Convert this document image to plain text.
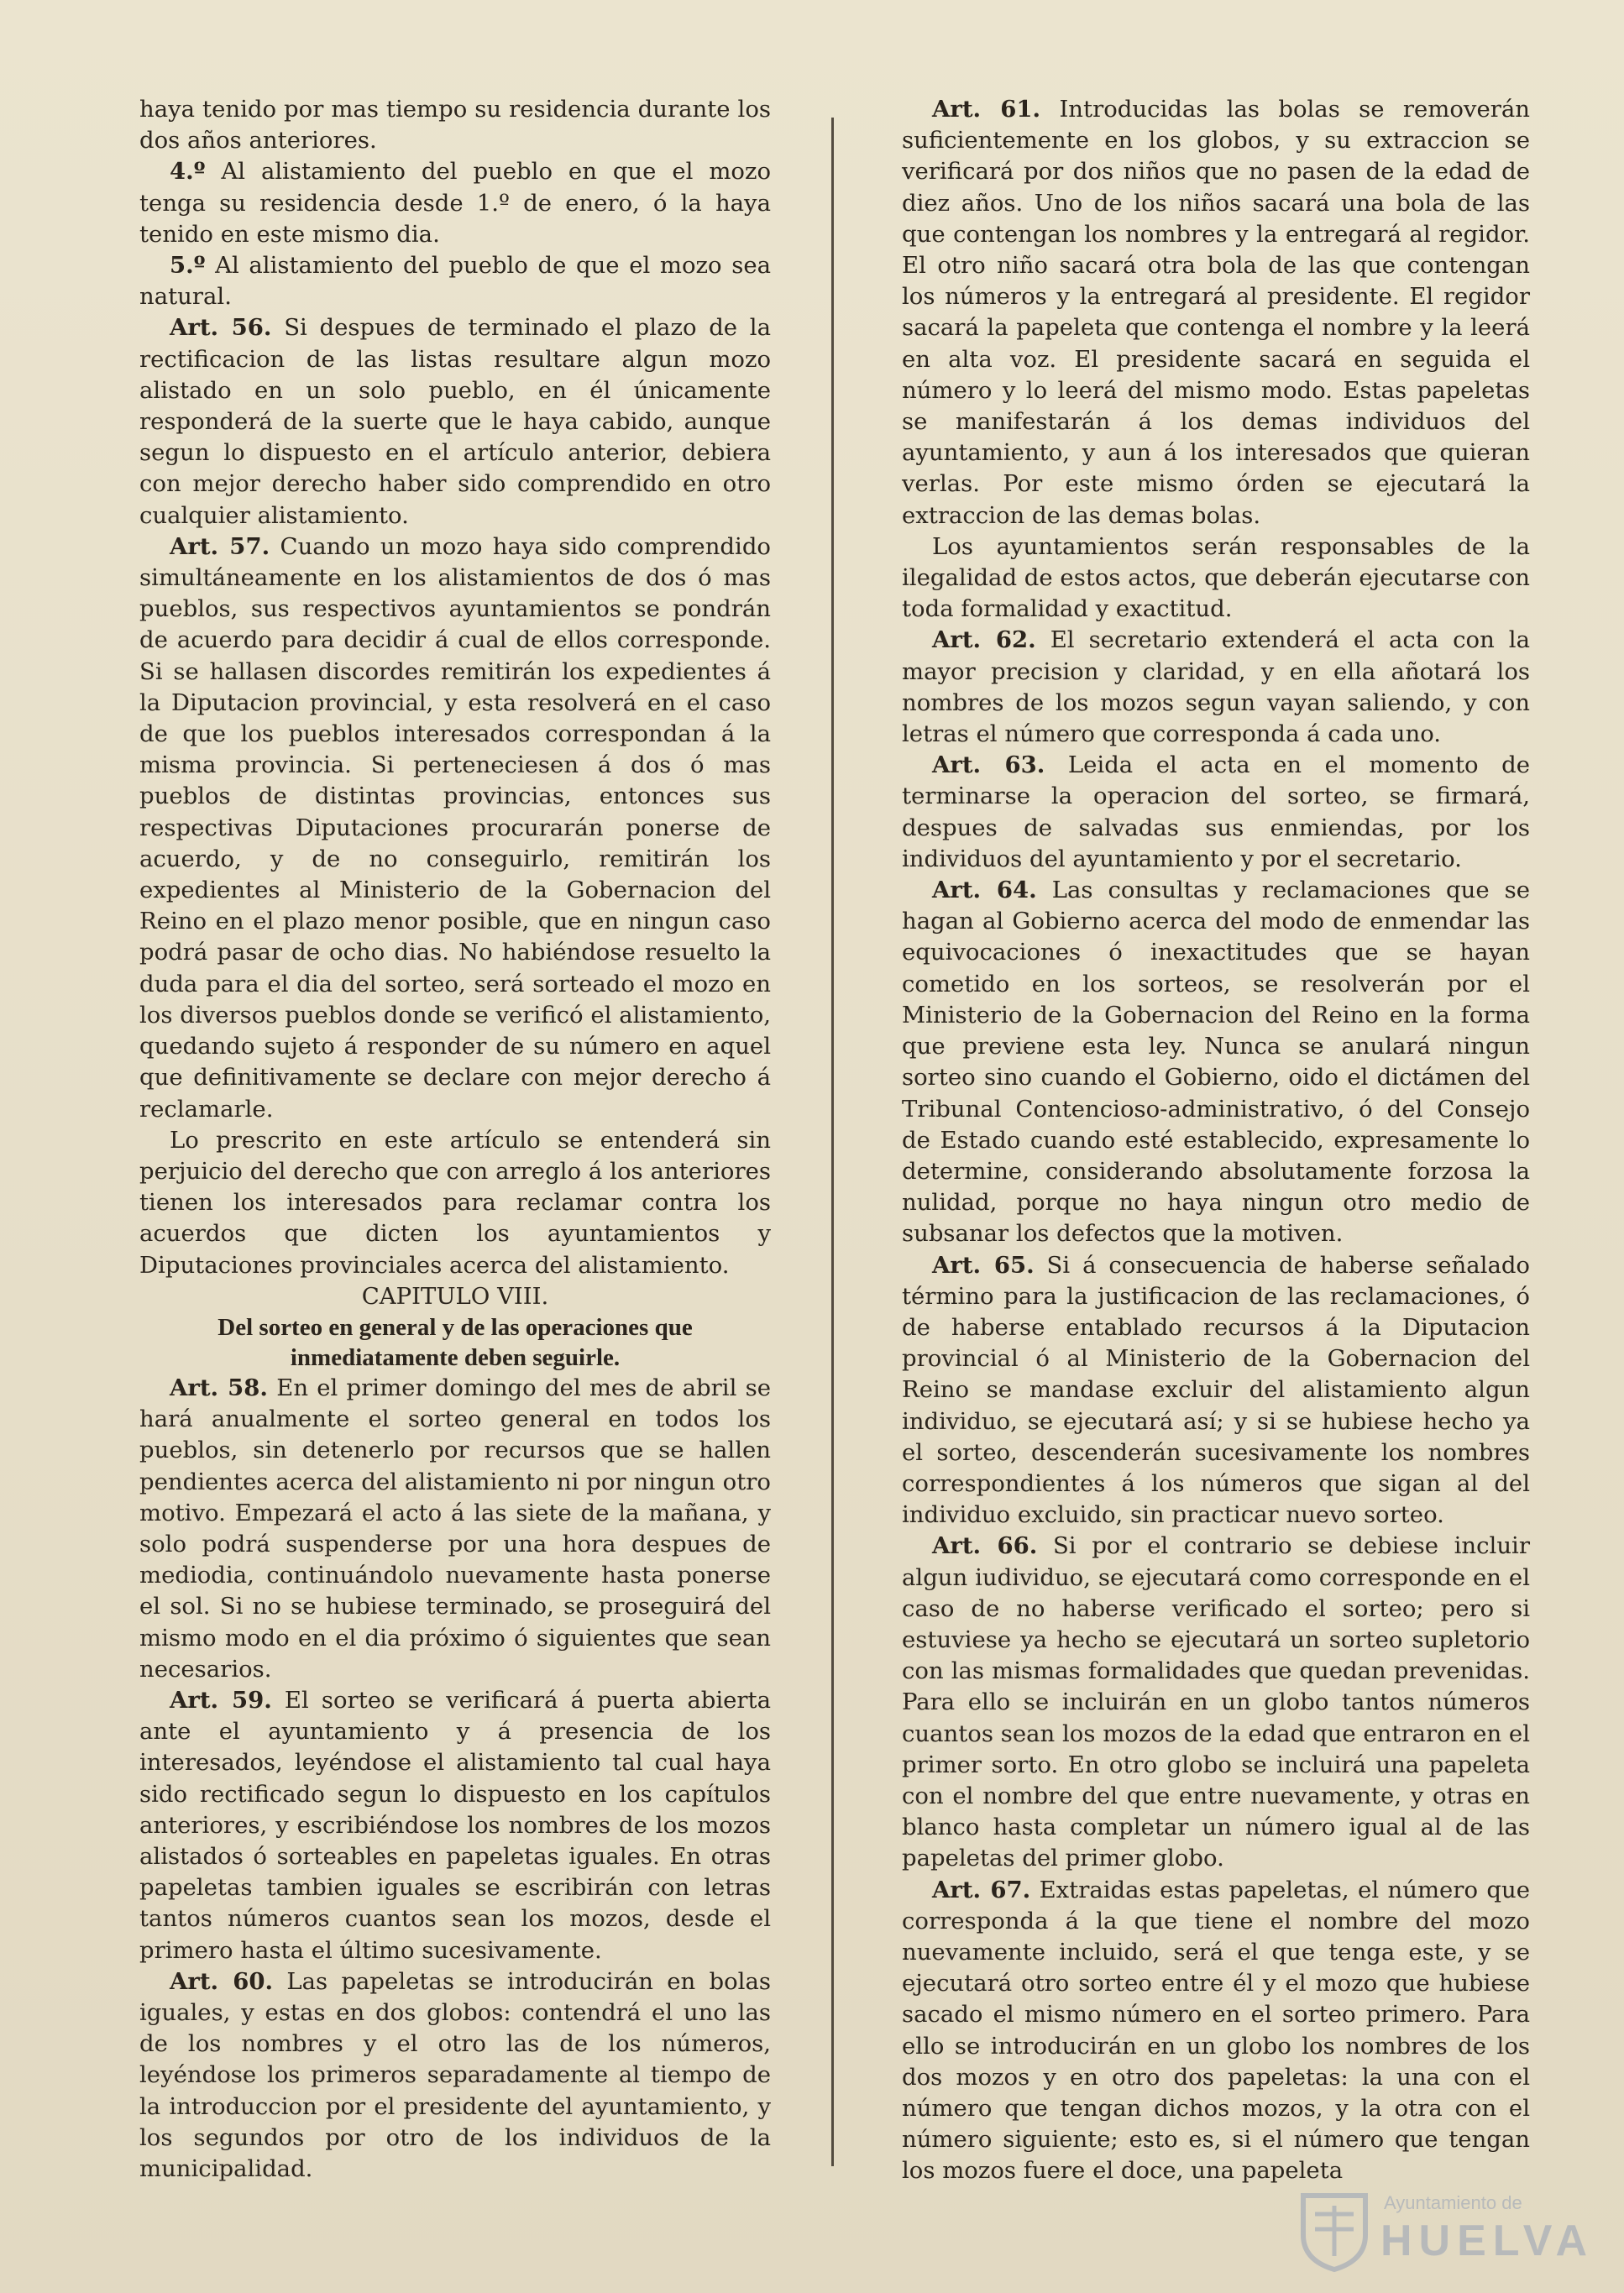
haya tenido por mas tiempo su residencia durante los dos años anteriores.

4.º Al alistamiento del pueblo en que el mozo tenga su residencia desde 1.º de enero, ó la haya tenido en este mismo dia.

5.º Al alistamiento del pueblo de que el mozo sea natural.

Art. 56. Si despues de terminado el plazo de la rectificacion de las listas resultare algun mozo alistado en un solo pueblo, en él únicamente responderá de la suerte que le haya cabido, aunque segun lo dispuesto en el artículo anterior, debiera con mejor derecho haber sido comprendido en otro cualquier alistamiento.

Art. 57. Cuando un mozo haya sido comprendido simultáneamente en los alistamientos de dos ó mas pueblos, sus respectivos ayuntamientos se pondrán de acuerdo para decidir á cual de ellos corresponde. Si se hallasen discordes remitirán los expedientes á la Diputacion provincial, y esta resolverá en el caso de que los pueblos interesados correspondan á la misma provincia. Si perteneciesen á dos ó mas pueblos de distintas provincias, entonces sus respectivas Diputaciones procurarán ponerse de acuerdo, y de no conseguirlo, remitirán los expedientes al Ministerio de la Gobernacion del Reino en el plazo menor posible, que en ningun caso podrá pasar de ocho dias. No habiéndose resuelto la duda para el dia del sorteo, será sorteado el mozo en los diversos pueblos donde se verificó el alistamiento, quedando sujeto á responder de su número en aquel que definitivamente se declare con mejor derecho á reclamarle.

Lo prescrito en este artículo se entenderá sin perjuicio del derecho que con arreglo á los anteriores tienen los interesados para reclamar contra los acuerdos que dicten los ayuntamientos y Diputaciones provinciales acerca del alistamiento.

CAPITULO VIII.

Del sorteo en general y de las operaciones que inmediatamente deben seguirle.

Art. 58. En el primer domingo del mes de abril se hará anualmente el sorteo general en todos los pueblos, sin detenerlo por recursos que se hallen pendientes acerca del alistamiento ni por ningun otro motivo. Empezará el acto á las siete de la mañana, y solo podrá suspenderse por una hora despues de mediodia, continuándolo nuevamente hasta ponerse el sol. Si no se hubiese terminado, se proseguirá del mismo modo en el dia próximo ó siguientes que sean necesarios.

Art. 59. El sorteo se verificará á puerta abierta ante el ayuntamiento y á presencia de los interesados, leyéndose el alistamiento tal cual haya sido rectificado segun lo dispuesto en los capítulos anteriores, y escribiéndose los nombres de los mozos alistados ó sorteables en papeletas iguales. En otras papeletas tambien iguales se escribirán con letras tantos números cuantos sean los mozos, desde el primero hasta el último sucesivamente.

Art. 60. Las papeletas se introducirán en bolas iguales, y estas en dos globos: contendrá el uno las de los nombres y el otro las de los números, leyéndose los primeros separadamente al tiempo de la introduccion por el presidente del ayuntamiento, y los segundos por otro de los individuos de la municipalidad.

Art. 61. Introducidas las bolas se removerán suficientemente en los globos, y su extraccion se verificará por dos niños que no pasen de la edad de diez años. Uno de los niños sacará una bola de las que contengan los nombres y la entregará al regidor. El otro niño sacará otra bola de las que contengan los números y la entregará al presidente. El regidor sacará la papeleta que contenga el nombre y la leerá en alta voz. El presidente sacará en seguida el número y lo leerá del mismo modo. Estas papeletas se manifestarán á los demas individuos del ayuntamiento, y aun á los interesados que quieran verlas. Por este mismo órden se ejecutará la extraccion de las demas bolas.

Los ayuntamientos serán responsables de la ilegalidad de estos actos, que deberán ejecutarse con toda formalidad y exactitud.

Art. 62. El secretario extenderá el acta con la mayor precision y claridad, y en ella añotará los nombres de los mozos segun vayan saliendo, y con letras el número que corresponda á cada uno.

Art. 63. Leida el acta en el momento de terminarse la operacion del sorteo, se firmará, despues de salvadas sus enmiendas, por los individuos del ayuntamiento y por el secretario.

Art. 64. Las consultas y reclamaciones que se hagan al Gobierno acerca del modo de enmendar las equivocaciones ó inexactitudes que se hayan cometido en los sorteos, se resolverán por el Ministerio de la Gobernacion del Reino en la forma que previene esta ley. Nunca se anulará ningun sorteo sino cuando el Gobierno, oido el dictámen del Tribunal Contencioso-administrativo, ó del Consejo de Estado cuando esté establecido, expresamente lo determine, considerando absolutamente forzosa la nulidad, porque no haya ningun otro medio de subsanar los defectos que la motiven.

Art. 65. Si á consecuencia de haberse señalado término para la justificacion de las reclamaciones, ó de haberse entablado recursos á la Diputacion provincial ó al Ministerio de la Gobernacion del Reino se mandase excluir del alistamiento algun individuo, se ejecutará así; y si se hubiese hecho ya el sorteo, descenderán sucesivamente los nombres correspondientes á los números que sigan al del individuo excluido, sin practicar nuevo sorteo.

Art. 66. Si por el contrario se debiese incluir algun iudividuo, se ejecutará como corresponde en el caso de no haberse verificado el sorteo; pero si estuviese ya hecho se ejecutará un sorteo supletorio con las mismas formalidades que quedan prevenidas. Para ello se incluirán en un globo tantos números cuantos sean los mozos de la edad que entraron en el primer sorto. En otro globo se incluirá una papeleta con el nombre del que entre nuevamente, y otras en blanco hasta completar un número igual al de las papeletas del primer globo.

Art. 67. Extraidas estas papeletas, el número que corresponda á la que tiene el nombre del mozo nuevamente incluido, será el que tenga este, y se ejecutará otro sorteo entre él y el mozo que hubiese sacado el mismo número en el sorteo primero. Para ello se introducirán en un globo los nombres de los dos mozos y en otro dos papeletas: la una con el número que tengan dichos mozos, y la otra con el número siguiente; esto es, si el número que tengan los mozos fuere el doce, una papeleta

Ayuntamiento de
HUELVA
